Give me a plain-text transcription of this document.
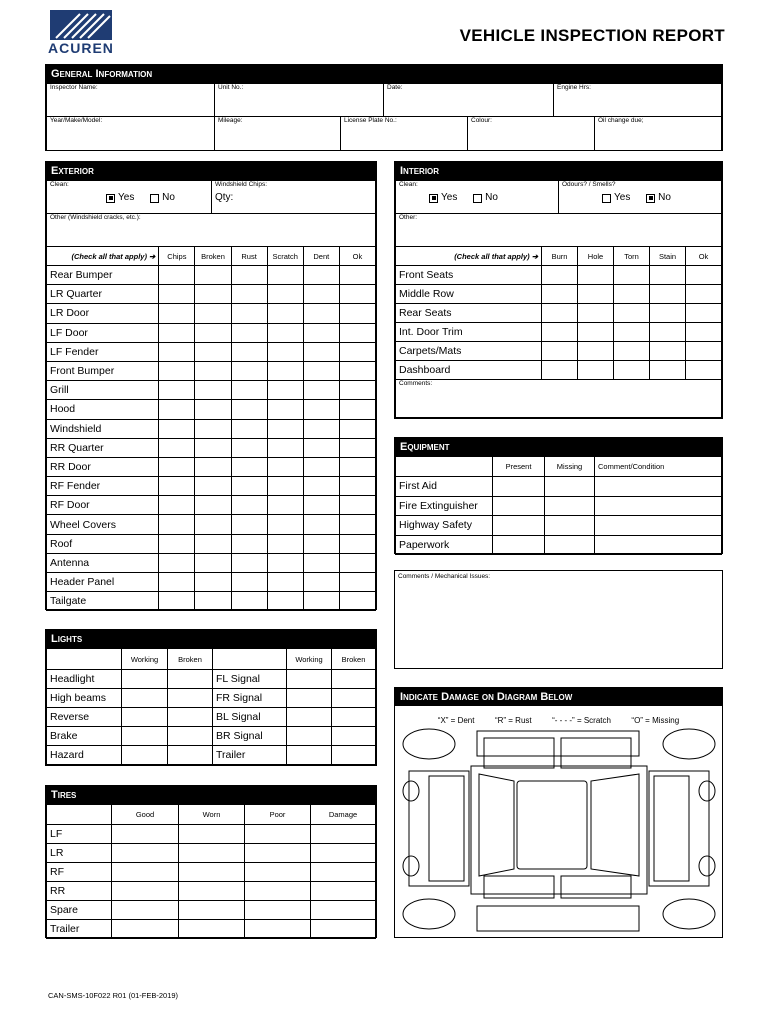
ACUREN
VEHICLE INSPECTION REPORT
General Information
Inspector Name:	Unit No.:	Date:	Engine Hrs:
Year/Make/Model:	Mileage:	License Plate No.:	Colour:	Oil change due;
Exterior
Clean:
Yes	No

Windshield Chips:
Qty:

Other (Windshield cracks, etc.):
(Check all that apply) ➔	Chips	Broken	Rust	Scratch	Dent	Ok
Rear Bumper						
LR Quarter						
LR Door						
LF Door						
LF Fender						
Front Bumper						
Grill						
Hood						
Windshield						
RR Quarter						
RR Door						
RF Fender						
RF Door						
Wheel Covers						
Roof						
Antenna						
Header Panel						
Tailgate						
Interior
Clean:
Yes	No

Odours? / Smells?
Yes	No

Other:
(Check all that apply) ➔	Burn	Hole	Torn	Stain	Ok
Front Seats					
Middle Row					
Rear Seats					
Int. Door Trim					
Carpets/Mats					
Dashboard					
Comments:					
Equipment
	Present	Missing	Comment/Condition
First Aid			
Fire Extinguisher			
Highway Safety			
Paperwork			
Comments / Mechanical Issues:
Lights
	Working	Broken		Working	Broken
Headlight			FL Signal		
High beams			FR Signal		
Reverse			BL Signal		
Brake			BR Signal		
Hazard			Trailer		
Tires
	Good	Worn	Poor	Damage
LF				
LR				
RF				
RR				
Spare				
Trailer				
Indicate Damage on Diagram Below
“X” = Dent	“R” = Rust	“- - - -” = Scratch	“O” = Missing
CAN-SMS-10F022 R01 (01-FEB-2019)
